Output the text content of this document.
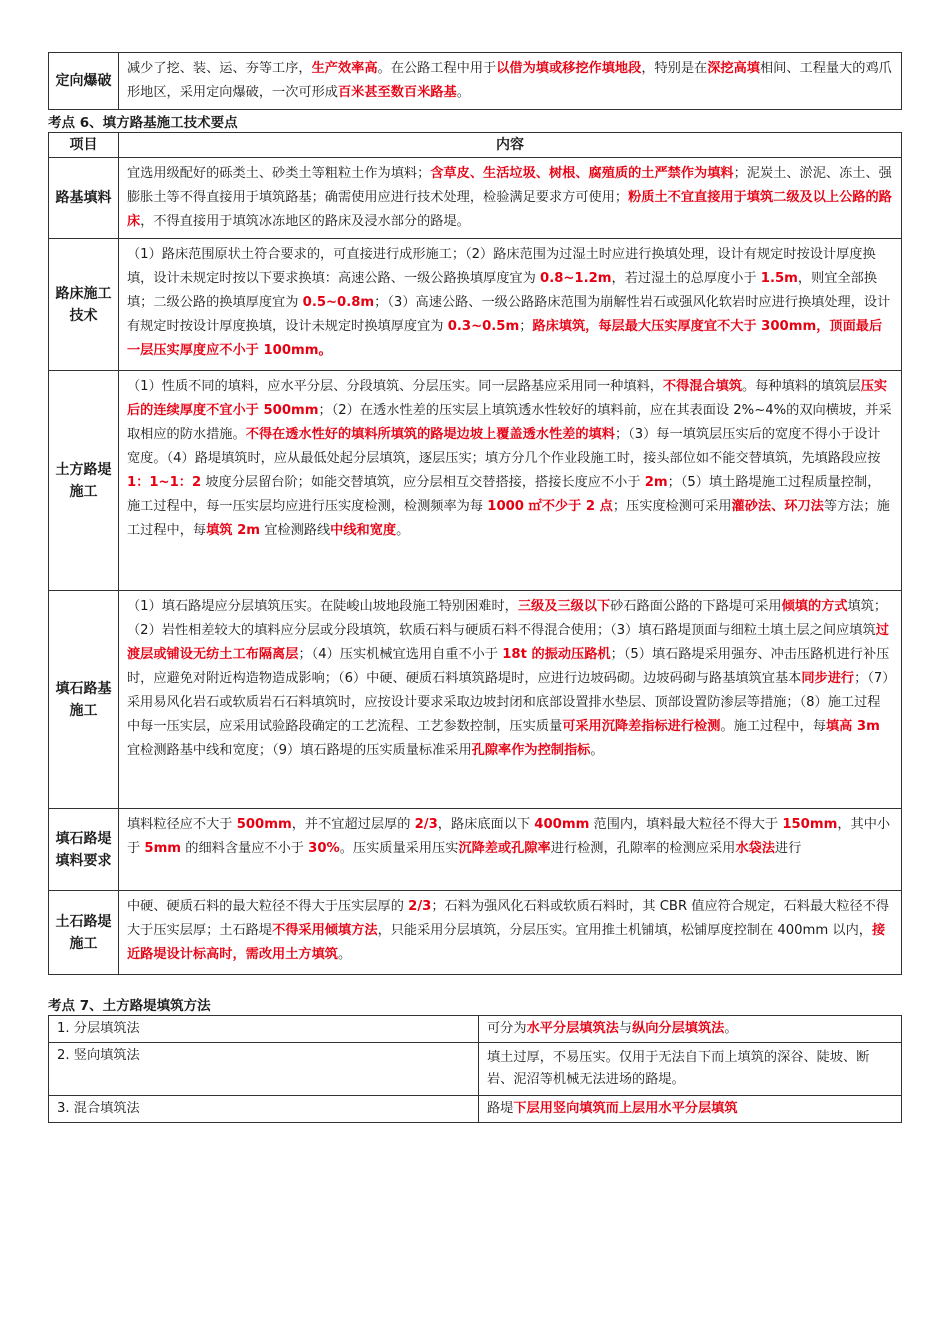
定向爆破	减少了挖、装、运、夯等工序，生产效率高。在公路工程中用于以借为填或移挖作填地段，特别是在深挖高填相间、工程量大的鸡爪形地区，采用定向爆破，一次可形成百米甚至数百米路基。

考点 6、填方路基施工技术要点

项目	内容
路基填料	宜选用级配好的砾类土、砂类土等粗粒土作为填料；含草皮、生活垃圾、树根、腐殖质的土严禁作为填料；泥炭土、淤泥、冻土、强膨胀土等不得直接用于填筑路基；确需使用应进行技术处理，检验满足要求方可使用；粉质土不宜直接用于填筑二级及以上公路的路床，不得直接用于填筑冰冻地区的路床及浸水部分的路堤。
路床施工技术	（1）路床范围原状土符合要求的，可直接进行成形施工；（2）路床范围为过湿土时应进行换填处理，设计有规定时按设计厚度换填，设计未规定时按以下要求换填：高速公路、一级公路换填厚度宜为 0.8~1.2m，若过湿土的总厚度小于 1.5m，则宜全部换填；二级公路的换填厚度宜为 0.5~0.8m；（3）高速公路、一级公路路床范围为崩解性岩石或强风化软岩时应进行换填处理，设计有规定时按设计厚度换填，设计未规定时换填厚度宜为 0.3~0.5m；路床填筑，每层最大压实厚度宜不大于 300mm，顶面最后一层压实厚度应不小于 100mm。
土方路堤施工	（1）性质不同的填料，应水平分层、分段填筑、分层压实。同一层路基应采用同一种填料，不得混合填筑。每种填料的填筑层压实后的连续厚度不宜小于 500mm；（2）在透水性差的压实层上填筑透水性较好的填料前，应在其表面设 2%~4%的双向横坡，并采取相应的防水措施。不得在透水性好的填料所填筑的路堤边坡上覆盖透水性差的填料；（3）每一填筑层压实后的宽度不得小于设计宽度。（4）路堤填筑时，应从最低处起分层填筑，逐层压实；填方分几个作业段施工时，接头部位如不能交替填筑，先填路段应按 1：1~1：2 坡度分层留台阶；如能交替填筑，应分层相互交替搭接，搭接长度应不小于 2m；（5）填土路堤施工过程质量控制，施工过程中，每一压实层均应进行压实度检测，检测频率为每 1000 ㎡不少于 2 点；压实度检测可采用灌砂法、环刀法等方法；施工过程中，每填筑 2m 宜检测路线中线和宽度。
填石路基施工	（1）填石路堤应分层填筑压实。在陡峻山坡地段施工特别困难时，三级及三级以下砂石路面公路的下路堤可采用倾填的方式填筑；（2）岩性相差较大的填料应分层或分段填筑，软质石料与硬质石料不得混合使用；（3）填石路堤顶面与细粒土填土层之间应填筑过渡层或铺设无纺土工布隔离层；（4）压实机械宜选用自重不小于 18t 的振动压路机；（5）填石路堤采用强夯、冲击压路机进行补压时，应避免对附近构造物造成影响；（6）中硬、硬质石料填筑路堤时，应进行边坡码砌。边坡码砌与路基填筑宜基本同步进行；（7）采用易风化岩石或软质岩石石料填筑时，应按设计要求采取边坡封闭和底部设置排水垫层、顶部设置防渗层等措施；（8）施工过程中每一压实层，应采用试验路段确定的工艺流程、工艺参数控制，压实质量可采用沉降差指标进行检测。施工过程中，每填高 3m 宜检测路基中线和宽度；（9）填石路堤的压实质量标准采用孔隙率作为控制指标。
填石路堤填料要求	填料粒径应不大于 500mm，并不宜超过层厚的 2/3，路床底面以下 400mm 范围内，填料最大粒径不得大于 150mm，其中小于 5mm 的细料含量应不小于 30%。压实质量采用压实沉降差或孔隙率进行检测，孔隙率的检测应采用水袋法进行
土石路堤施工	中硬、硬质石料的最大粒径不得大于压实层厚的 2/3；石料为强风化石料或软质石料时，其 CBR 值应符合规定，石料最大粒径不得大于压实层厚；土石路堤不得采用倾填方法，只能采用分层填筑，分层压实。宜用推土机铺填，松铺厚度控制在 400mm 以内，接近路堤设计标高时，需改用土方填筑。

考点 7、土方路堤填筑方法

1. 分层填筑法	可分为水平分层填筑法与纵向分层填筑法。
2. 竖向填筑法	填土过厚，不易压实。仅用于无法自下而上填筑的深谷、陡坡、断岩、泥沼等机械无法进场的路堤。
3. 混合填筑法	路堤下层用竖向填筑而上层用水平分层填筑
